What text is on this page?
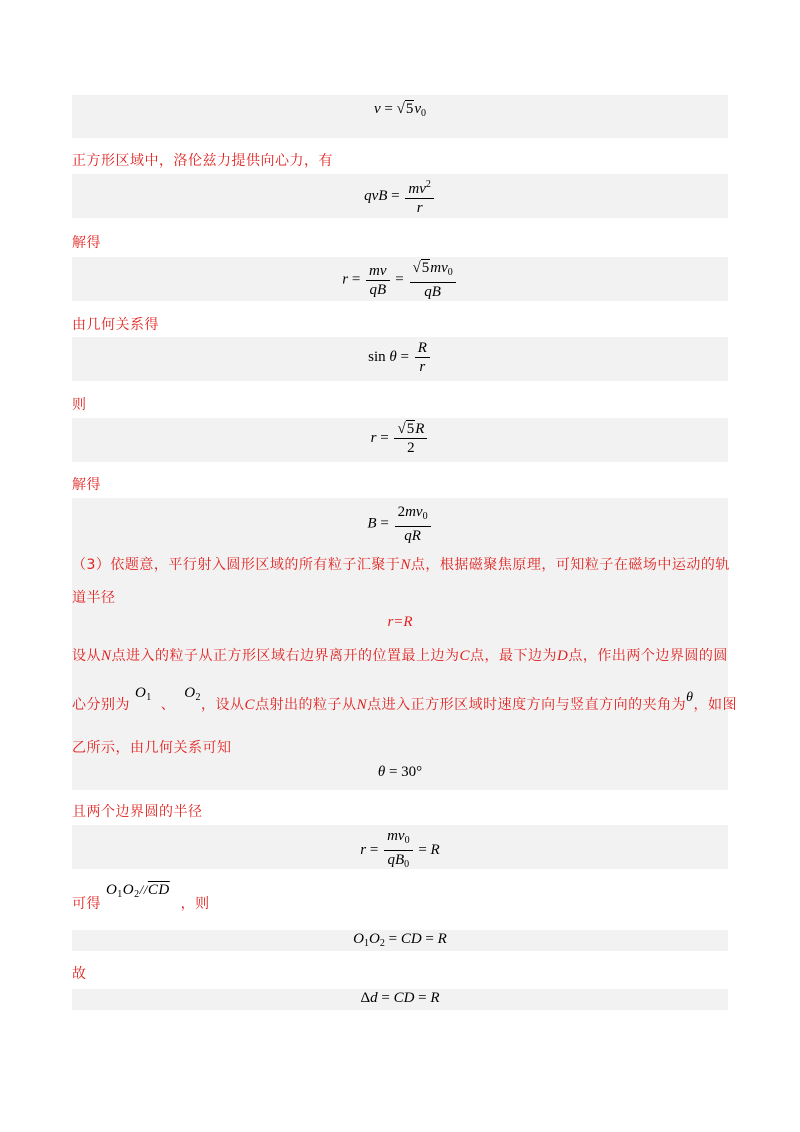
$v = √5v_0$
正方形区域中，洛伦兹力提供向心力，有
qvB = $\frac{mv^2}{r}$
解得
$r = \frac{mv}{qB} = \frac{√5mv_0}{qB}$
由几何关系得
$\sin \theta = \frac{R}{r}$
则
$r = \frac{√5R}{2}$
解得
$B = \frac{2mv_0}{qR}$
（3）依题意，平行射入圆形区域的所有粒子汇聚于N点，根据磁聚焦原理，可知粒子在磁场中运动的轨
道半径
r=R
设从N点进入的粒子从正方形区域右边界离开的位置最上边为C点，最下边为D点，作出两个边界圆的圆
心分别为 $O_1$ 、 $O_2$，设从C点射出的粒子从N点进入正方形区域时速度方向与竖直方向的夹角为θ，如图
乙所示，由几何关系可知
θ = 30°
且两个边界圆的半径
$r = \frac{mv_0}{qB_0} = R$
可得 $O_1O_2//\overline{CD}$ ，则
$O_1O_2$ = CD = R
故
Δd = CD = R
